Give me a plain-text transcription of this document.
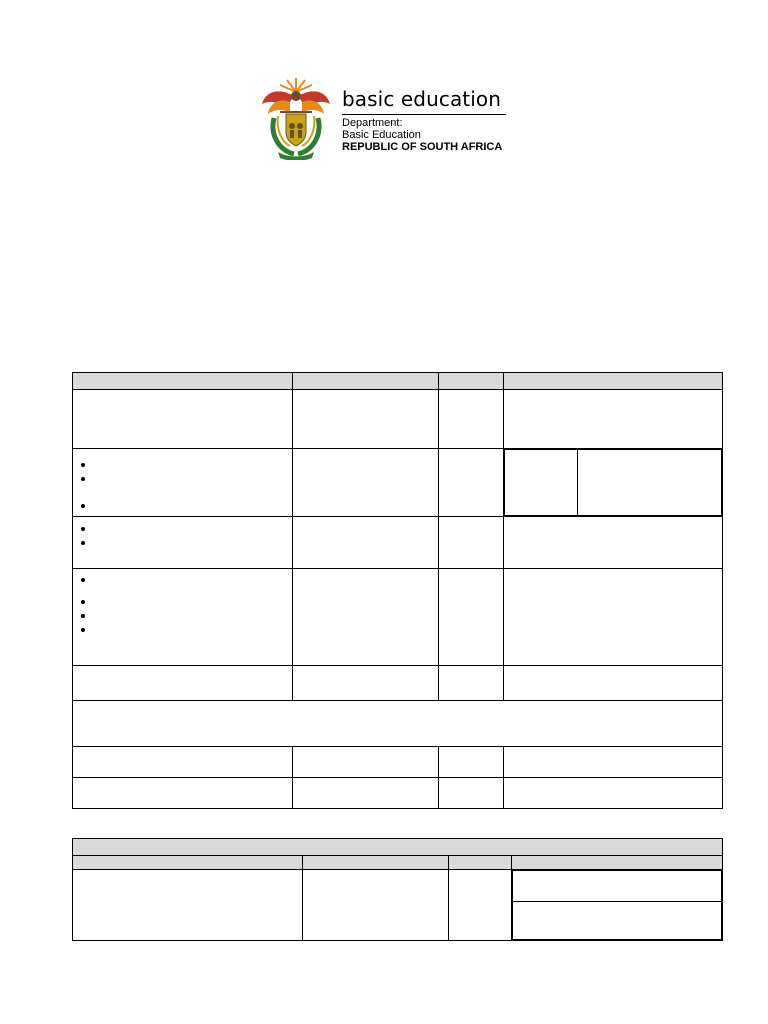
basic education
Department:
Basic Education
REPUBLIC OF SOUTH AFRICA
